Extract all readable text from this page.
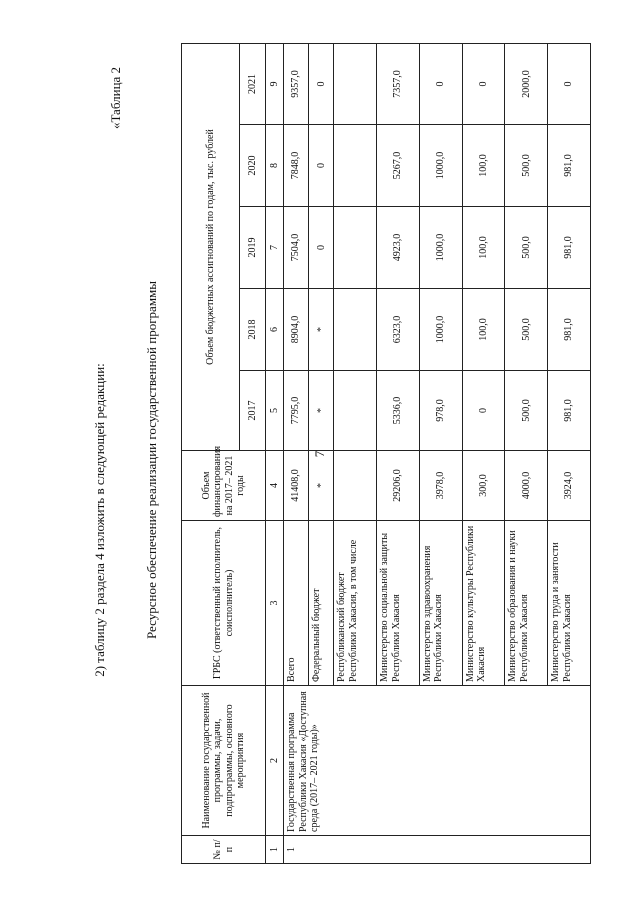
7
2) таблицу 2 раздела 4 изложить в следующей редакции:
«Таблица 2
Ресурсное обеспечение реализации государственной программы
№ п/п	Наименование государственной программы, задачи, подпрограммы, основного мероприятия	ГРБС (ответственный исполнитель, соисполнитель)	Объем финансирования на 2017– 2021 годы	Объем бюджетных ассигнований по годам, тыс. рублей				
				2017	2018	2019	2020	2021
1	2	3	4	5	6	7	8	9
1	Государственная программа Республики Хакасия «Доступная среда (2017– 2021 годы)»	Всего	41408,0	7795,0	8904,0	7504,0	7848,0	9357,0
		Федеральный бюджет	*	*	*	0	0	0
		Республиканский бюджет Республики Хакасия, в том числе						
		Министерство социальной защиты Республики Хакасия	29206,0	5336,0	6323,0	4923,0	5267,0	7357,0
		Министерство здравоохранения Республики Хакасия	3978,0	978,0	1000,0	1000,0	1000,0	0
		Министерство культуры Республики Хакасия	300,0	0	100,0	100,0	100,0	0
		Министерство образования и науки Республики Хакасия	4000,0	500,0	500,0	500,0	500,0	2000,0
		Министерство труда и занятости Республики Хакасия	3924,0	981,0	981,0	981,0	981,0	0
